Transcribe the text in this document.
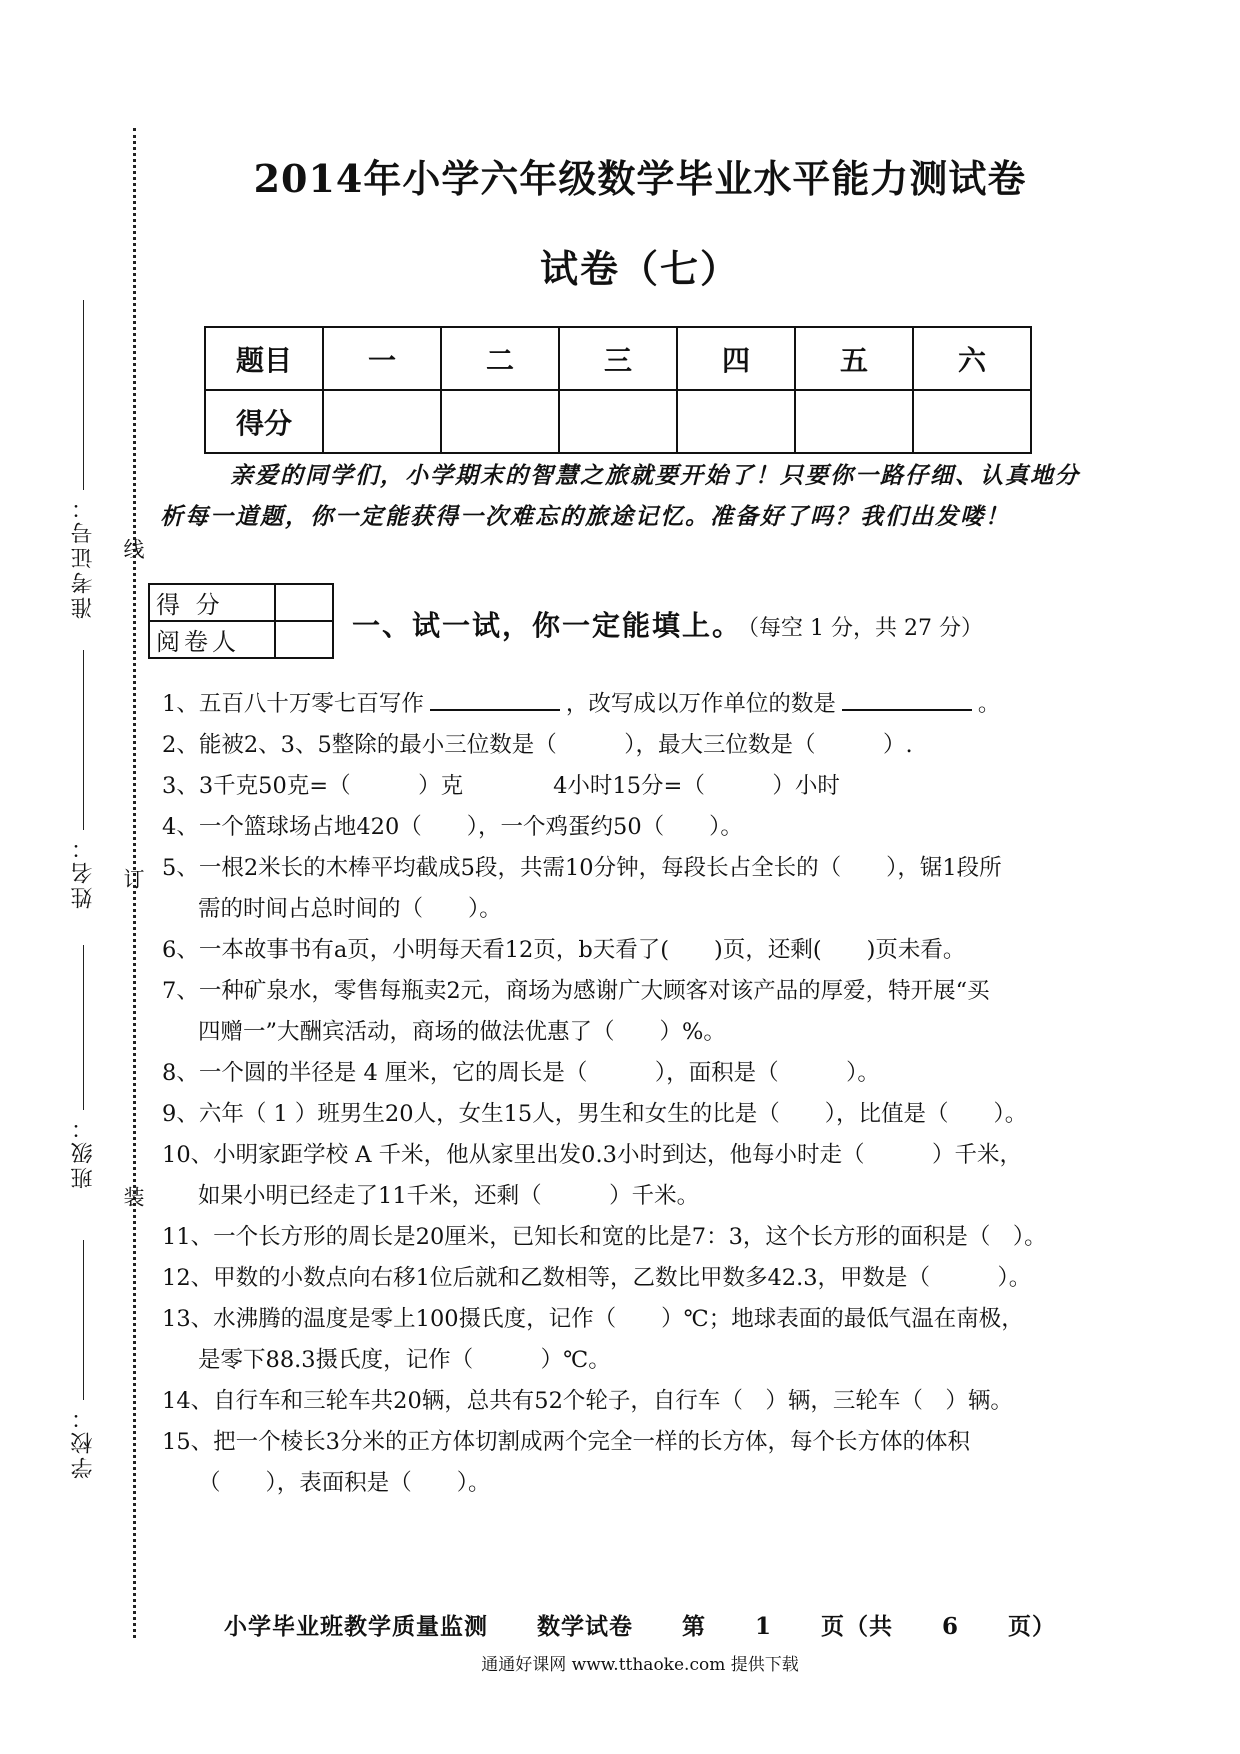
线
订
装
准考证号：
姓名：
班级：
学校：
2014年小学六年级数学毕业水平能力测试卷
试卷（七）
题目	一	二	三	四	五	六
得分						
亲爱的同学们，小学期末的智慧之旅就要开始了！只要你一路仔细、认真地分析每一道题，你一定能获得一次难忘的旅途记忆。准备好了吗？我们出发喽！
得 分	
阅卷人		一、试一试，你一定能填上。 （每空 1 分，共 27 分）
1、五百八十万零七百写作	，改写成以万作单位的数是	。
2、能被2、3、5整除的最小三位数是（　　　），最大三位数是（　　　）.
3、3千克50克=（　　　）克　　　　4小时15分=（　　　）小时
4、一个篮球场占地420（　　），一个鸡蛋约50（　　）。
5、一根2米长的木棒平均截成5段，共需10分钟，每段长占全长的（　　），锯1段所
需的时间占总时间的（　　）。
6、一本故事书有a页，小明每天看12页，b天看了(　　)页，还剩(　　)页未看。
7、一种矿泉水，零售每瓶卖2元，商场为感谢广大顾客对该产品的厚爱，特开展“买
四赠一”大酬宾活动，商场的做法优惠了（　　）%。
8、一个圆的半径是 4 厘米，它的周长是（　　　），面积是（　　　）。
9、六年（ 1 ）班男生20人，女生15人，男生和女生的比是（　　），比值是（　　）。
10、小明家距学校 A 千米，他从家里出发0.3小时到达，他每小时走（　　　）千米，
如果小明已经走了11千米，还剩（　　　）千米。
11、一个长方形的周长是20厘米，已知长和宽的比是7：3，这个长方形的面积是（　）。
12、甲数的小数点向右移1位后就和乙数相等，乙数比甲数多42.3，甲数是（　　　）。
13、水沸腾的温度是零上100摄氏度，记作（　　）℃；地球表面的最低气温在南极，
是零下88.3摄氏度，记作（　　　）℃。
14、自行车和三轮车共20辆，总共有52个轮子，自行车（　）辆，三轮车（　）辆。
15、把一个棱长3分米的正方体切割成两个完全一样的长方体，每个长方体的体积
（　　），表面积是（　　）。
小学毕业班教学质量监测 数学试卷 第 1 页（共 6 页）
通通好课网 www.tthaoke.com 提供下载
